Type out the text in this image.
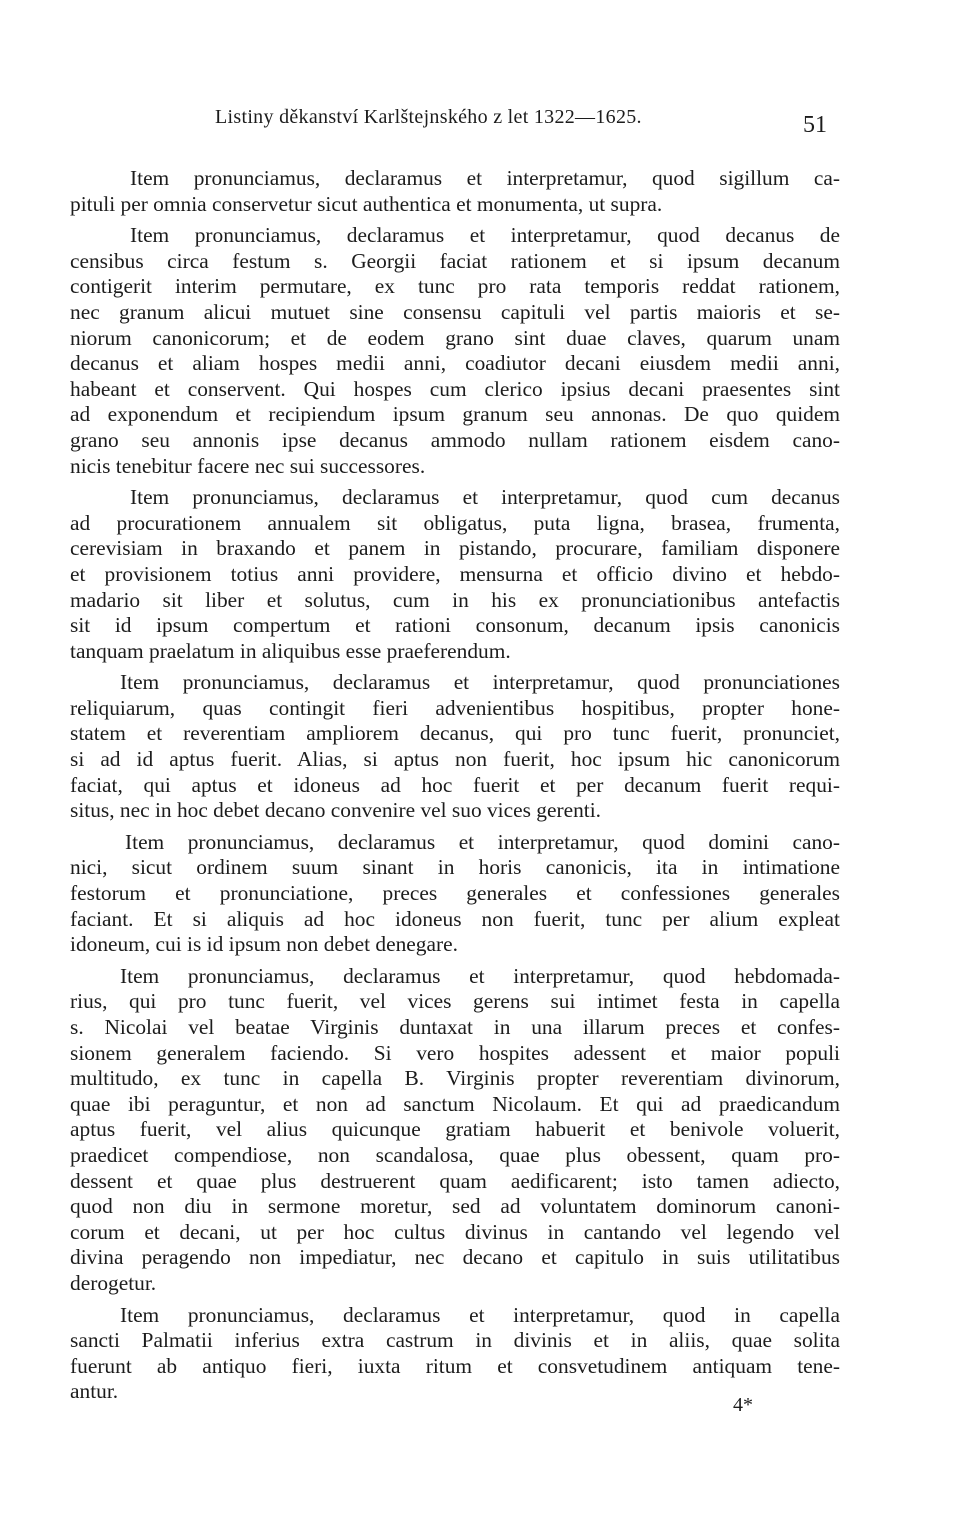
Listiny děkanství Karlštejnského z let 1322—1625.	51
Item pronunciamus, declaramus et interpretamur, quod sigillum ca-
pituli per omnia conservetur sicut authentica et monumenta, ut supra.
Item pronunciamus, declaramus et interpretamur, quod decanus de
censibus circa festum s. Georgii faciat rationem et si ipsum decanum
contigerit interim permutare, ex tunc pro rata temporis reddat rationem,
nec granum alicui mutuet sine consensu capituli vel partis maioris et se-
niorum canonicorum; et de eodem grano sint duae claves, quarum unam
decanus et aliam hospes medii anni, coadiutor decani eiusdem medii anni,
habeant et conservent. Qui hospes cum clerico ipsius decani praesentes sint
ad exponendum et recipiendum ipsum granum seu annonas. De quo quidem
grano seu annonis ipse decanus ammodo nullam rationem eisdem cano-
nicis tenebitur facere nec sui successores.
Item pronunciamus, declaramus et interpretamur, quod cum decanus
ad procurationem annualem sit obligatus, puta ligna, brasea, frumenta,
cerevisiam in braxando et panem in pistando, procurare, familiam disponere
et provisionem totius anni providere, mensurna et officio divino et hebdo-
madario sit liber et solutus, cum in his ex pronunciationibus antefactis
sit id ipsum compertum et rationi consonum, decanum ipsis canonicis
tanquam praelatum in aliquibus esse praeferendum.
Item pronunciamus, declaramus et interpretamur, quod pronunciationes
reliquiarum, quas contingit fieri advenientibus hospitibus, propter hone-
statem et reverentiam ampliorem decanus, qui pro tunc fuerit, pronunciet,
si ad id aptus fuerit. Alias, si aptus non fuerit, hoc ipsum hic canonicorum
faciat, qui aptus et idoneus ad hoc fuerit et per decanum fuerit requi-
situs, nec in hoc debet decano convenire vel suo vices gerenti.
Item pronunciamus, declaramus et interpretamur, quod domini cano-
nici, sicut ordinem suum sinant in horis canonicis, ita in intimatione
festorum et pronunciatione, preces generales et confessiones generales
faciant. Et si aliquis ad hoc idoneus non fuerit, tunc per alium expleat
idoneum, cui is id ipsum non debet denegare.
Item pronunciamus, declaramus et interpretamur, quod hebdomada-
rius, qui pro tunc fuerit, vel vices gerens sui intimet festa in capella
s. Nicolai vel beatae Virginis duntaxat in una illarum preces et confes-
sionem generalem faciendo. Si vero hospites adessent et maior populi
multitudo, ex tunc in capella B. Virginis propter reverentiam divinorum,
quae ibi peraguntur, et non ad sanctum Nicolaum. Et qui ad praedicandum
aptus fuerit, vel alius quicunque gratiam habuerit et benivole voluerit,
praedicet compendiose, non scandalosa, quae plus obessent, quam pro-
dessent et quae plus destruerent quam aedificarent; isto tamen adiecto,
quod non diu in sermone moretur, sed ad voluntatem dominorum canoni-
corum et decani, ut per hoc cultus divinus in cantando vel legendo vel
divina peragendo non impediatur, nec decano et capitulo in suis utilitatibus
derogetur.
Item pronunciamus, declaramus et interpretamur, quod in capella
sancti Palmatii inferius extra castrum in divinis et in aliis, quae solita
fuerunt ab antiquo fieri, iuxta ritum et consvetudinem antiquam tene-
antur.
4*
